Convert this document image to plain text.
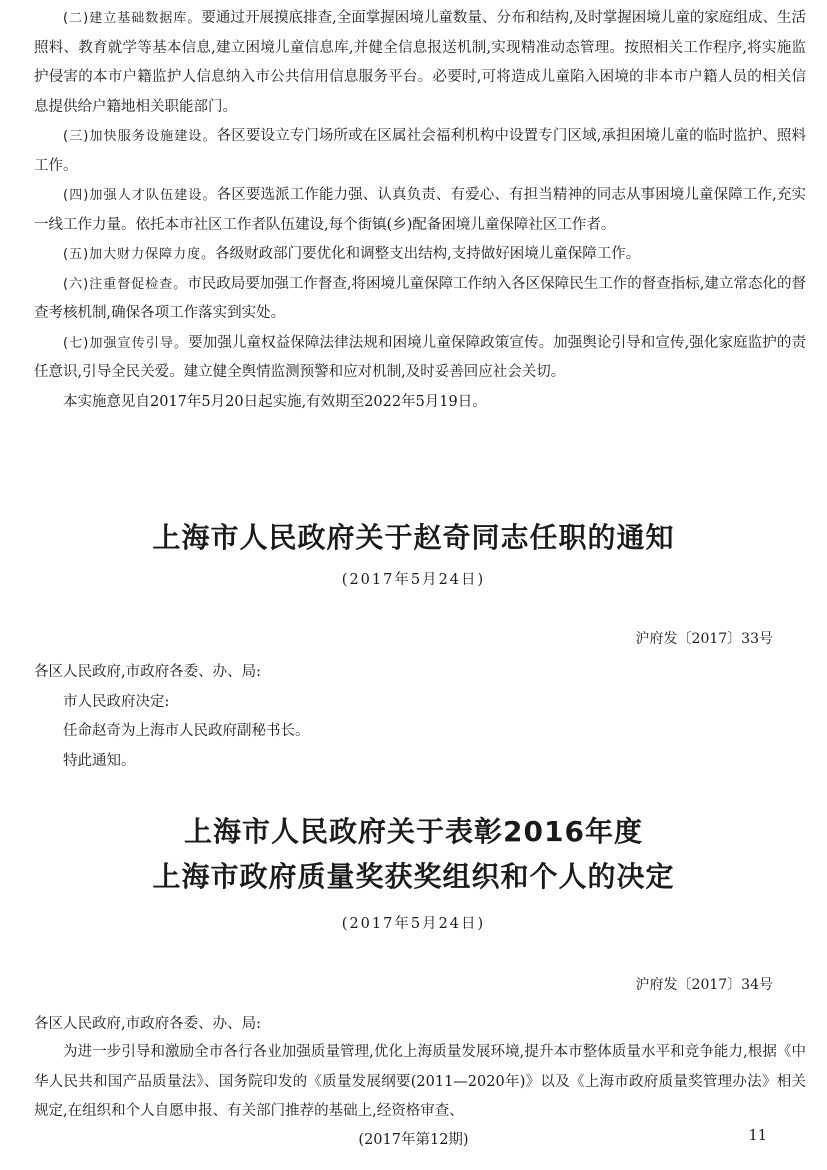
(二)建立基础数据库。要通过开展摸底排查,全面掌握困境儿童数量、分布和结构,及时掌握困境儿童的家庭组成、生活照料、教育就学等基本信息,建立困境儿童信息库,并健全信息报送机制,实现精准动态管理。按照相关工作程序,将实施监护侵害的本市户籍监护人信息纳入市公共信用信息服务平台。必要时,可将造成儿童陷入困境的非本市户籍人员的相关信息提供给户籍地相关职能部门。

(三)加快服务设施建设。各区要设立专门场所或在区属社会福利机构中设置专门区域,承担困境儿童的临时监护、照料工作。

(四)加强人才队伍建设。各区要选派工作能力强、认真负责、有爱心、有担当精神的同志从事困境儿童保障工作,充实一线工作力量。依托本市社区工作者队伍建设,每个街镇(乡)配备困境儿童保障社区工作者。

(五)加大财力保障力度。各级财政部门要优化和调整支出结构,支持做好困境儿童保障工作。

(六)注重督促检查。市民政局要加强工作督查,将困境儿童保障工作纳入各区保障民生工作的督查指标,建立常态化的督查考核机制,确保各项工作落实到实处。

(七)加强宣传引导。要加强儿童权益保障法律法规和困境儿童保障政策宣传。加强舆论引导和宣传,强化家庭监护的责任意识,引导全民关爱。建立健全舆情监测预警和应对机制,及时妥善回应社会关切。

本实施意见自2017年5月20日起实施,有效期至2022年5月19日。

上海市人民政府关于赵奇同志任职的通知
(2017年5月24日)
沪府发〔2017〕33号
各区人民政府,市政府各委、办、局:
市人民政府决定:
任命赵奇为上海市人民政府副秘书长。
特此通知。
上海市人民政府关于表彰2016年度
上海市政府质量奖获奖组织和个人的决定
(2017年5月24日)
沪府发〔2017〕34号
各区人民政府,市政府各委、办、局:

为进一步引导和激励全市各行各业加强质量管理,优化上海质量发展环境,提升本市整体质量水平和竞争能力,根据《中华人民共和国产品质量法》、国务院印发的《质量发展纲要(2011—2020年)》以及《上海市政府质量奖管理办法》相关规定,在组织和个人自愿申报、有关部门推荐的基础上,经资格审查、

(2017年第12期)	11
